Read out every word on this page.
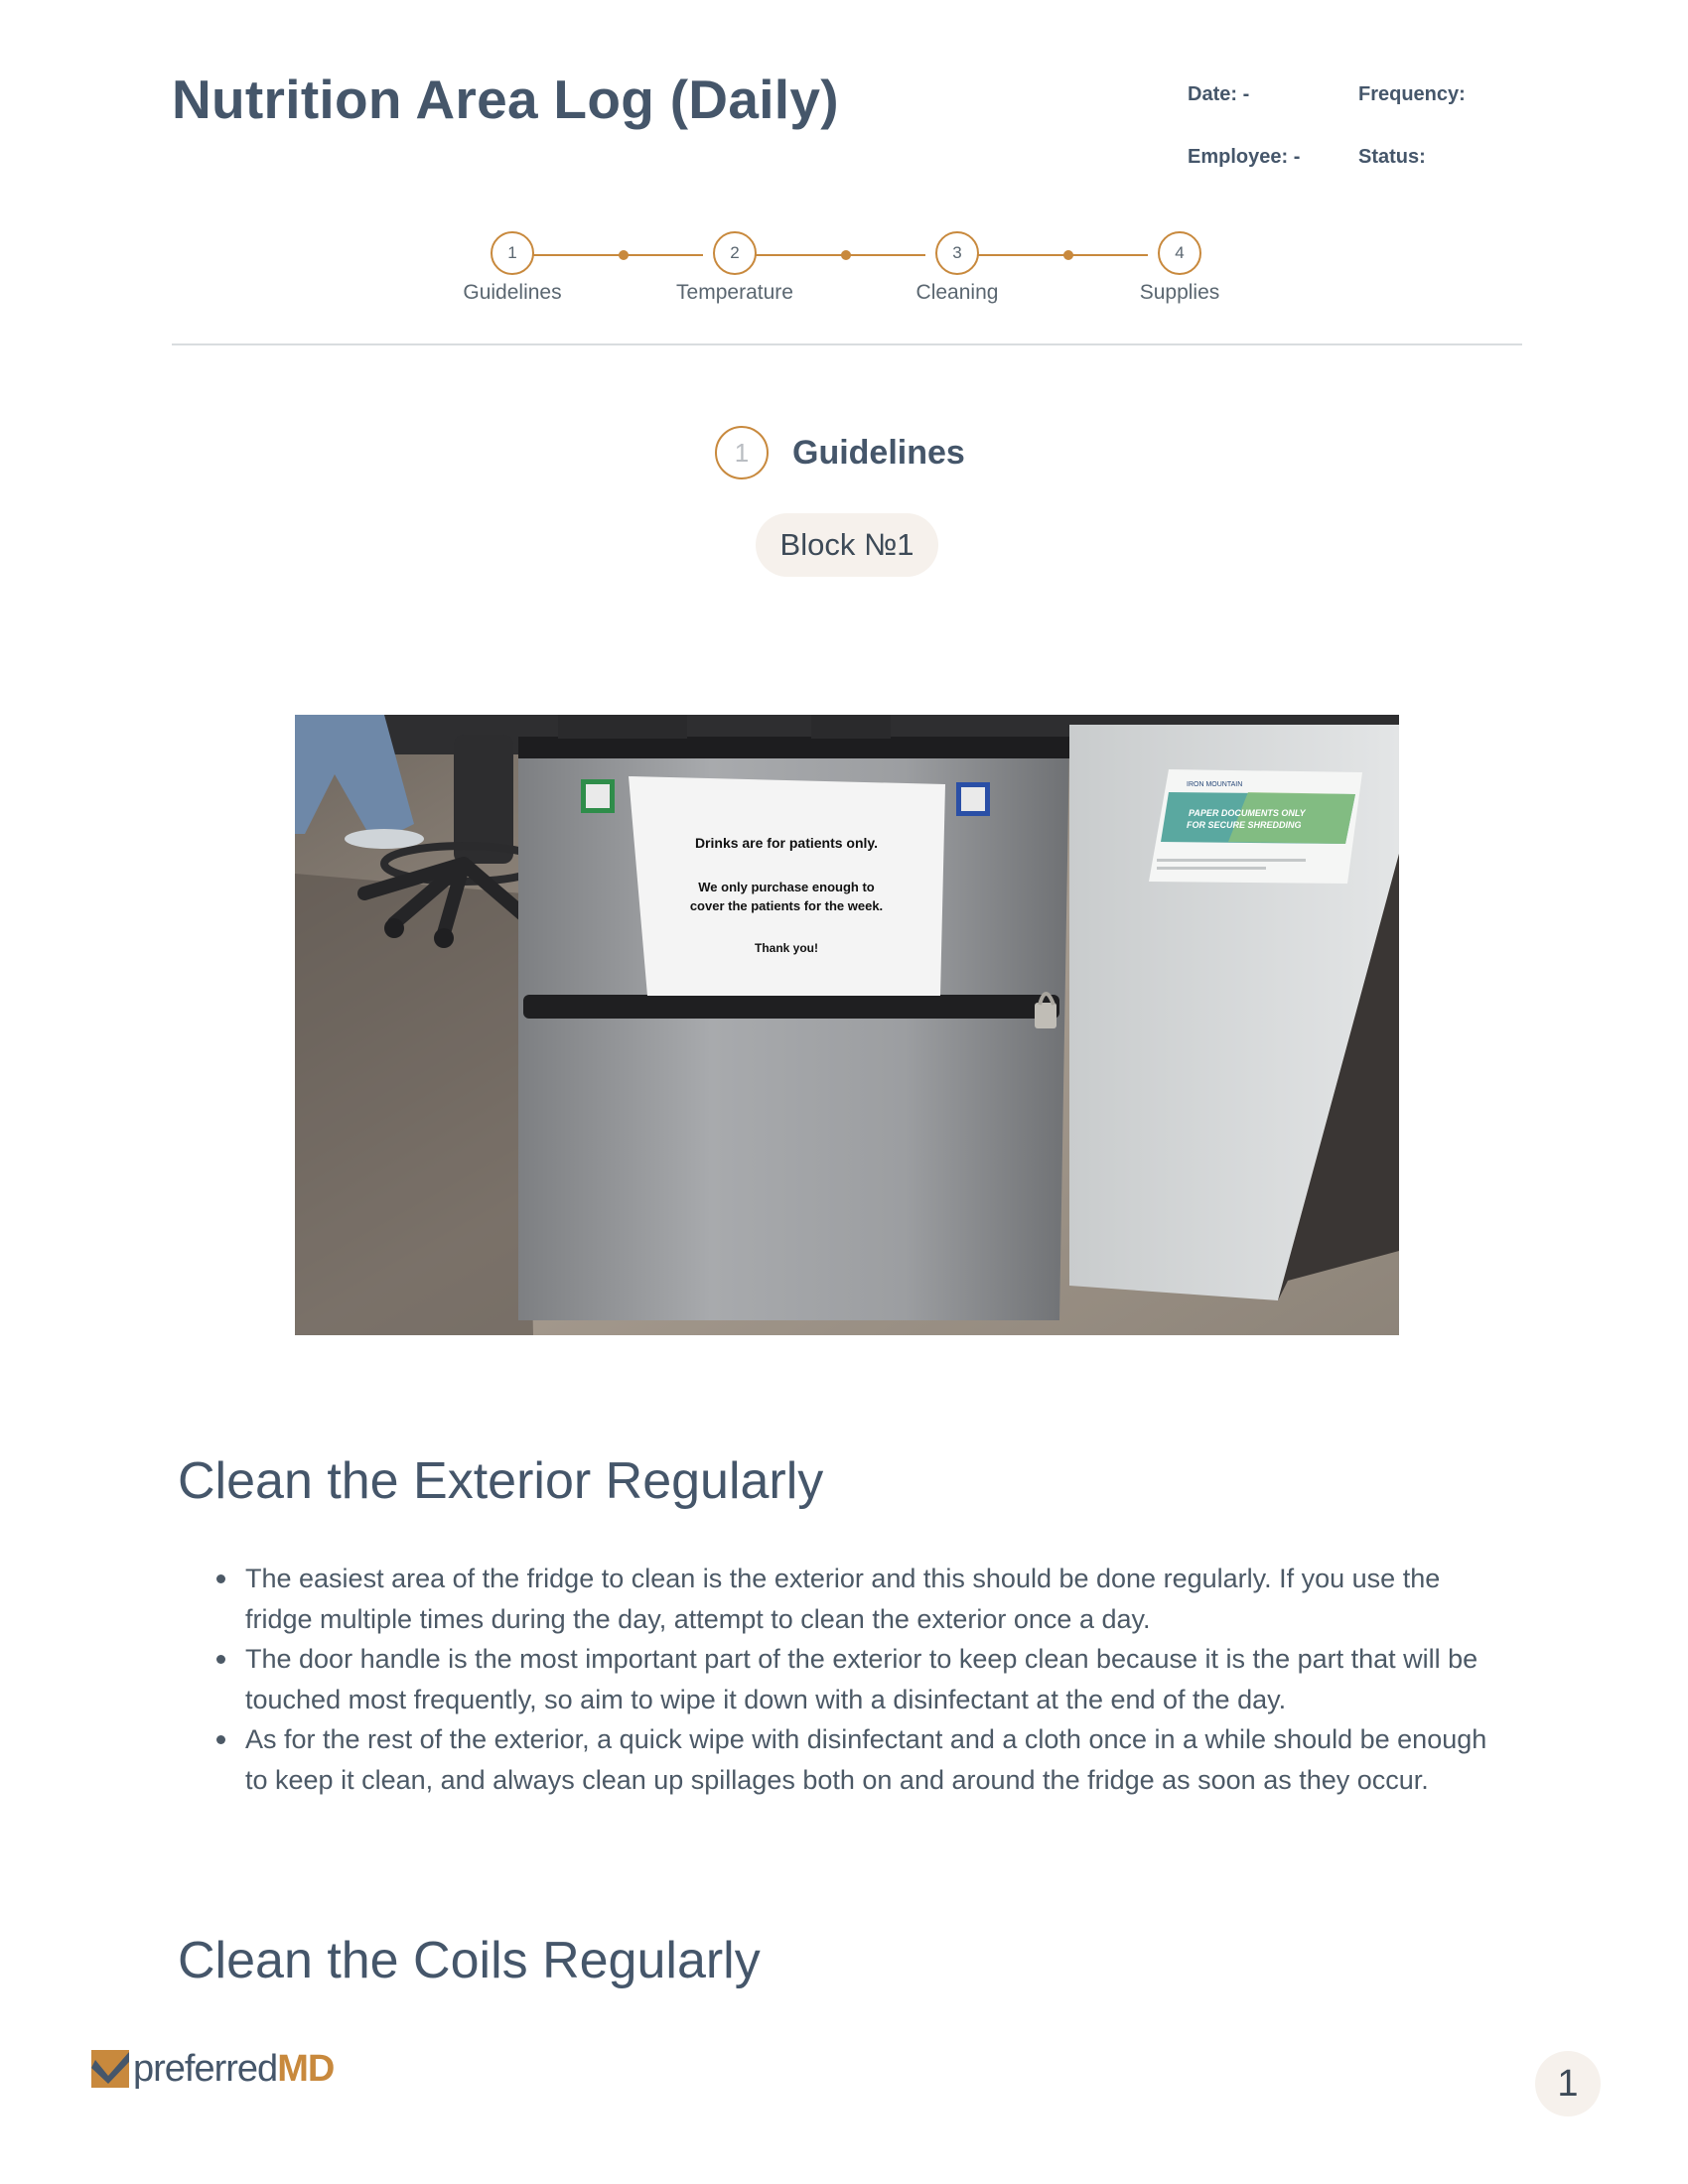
Nutrition Area Log (Daily)	Date: -	Frequency:
Employee: -	Status:
1	2	3	4
Guidelines	Temperature	Cleaning	Supplies
1	Guidelines
Block №1
Drinks are for patients only.
We only purchase enough to
cover the patients for the week.
Thank you!
IRON MOUNTAIN
PAPER DOCUMENTS ONLY
FOR SECURE SHREDDING
Clean the Exterior Regularly
The easiest area of the fridge to clean is the exterior and this should be done regularly. If you use the fridge multiple times during the day, attempt to clean the exterior once a day.
The door handle is the most important part of the exterior to keep clean because it is the part that will be touched most frequently, so aim to wipe it down with a disinfectant at the end of the day.
As for the rest of the exterior, a quick wipe with disinfectant and a cloth once in a while should be enough to keep it clean, and always clean up spillages both on and around the fridge as soon as they occur.
Clean the Coils Regularly
preferredMD	1
